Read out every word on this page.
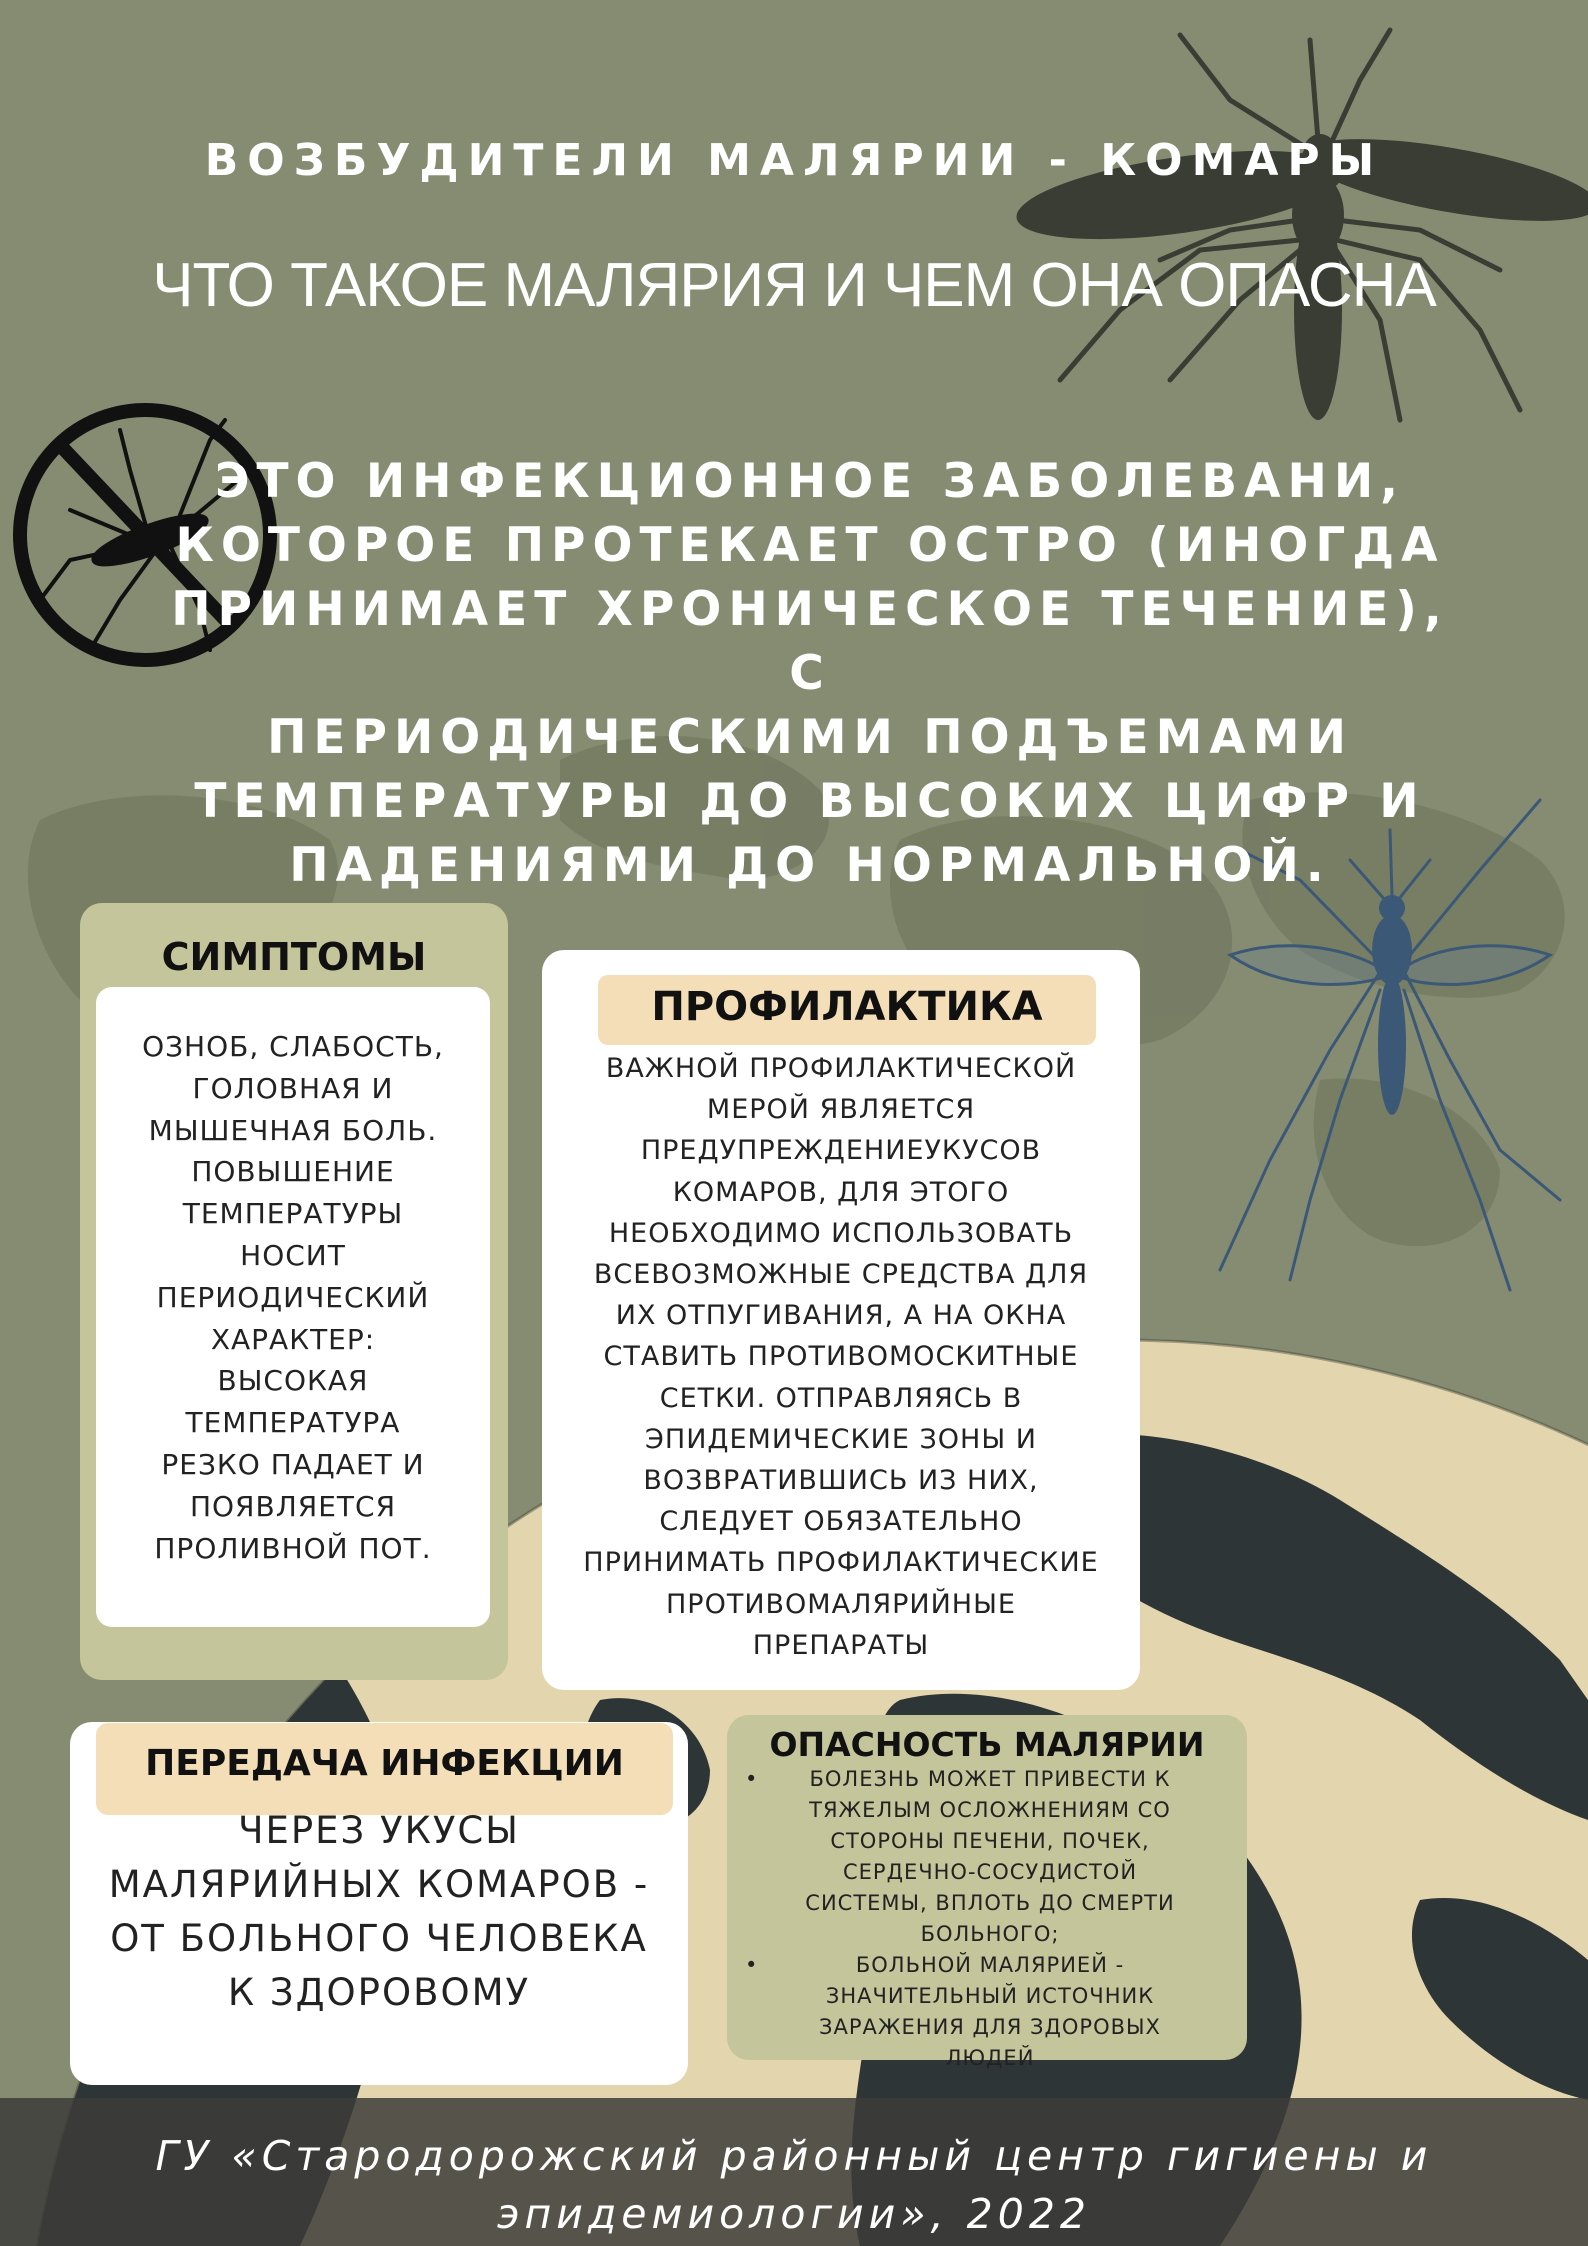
ВОЗБУДИТЕЛИ МАЛЯРИИ - КОМАРЫ
ЧТО ТАКОЕ МАЛЯРИЯ И ЧЕМ ОНА ОПАСНА
ЭТО ИНФЕКЦИОННОЕ ЗАБОЛЕВАНИ,
КОТОРОЕ ПРОТЕКАЕТ ОСТРО (ИНОГДА
ПРИНИМАЕТ ХРОНИЧЕСКОЕ ТЕЧЕНИЕ), С
ПЕРИОДИЧЕСКИМИ ПОДЪЕМАМИ
ТЕМПЕРАТУРЫ ДО ВЫСОКИХ ЦИФР И
ПАДЕНИЯМИ ДО НОРМАЛЬНОЙ.
СИМПТОМЫ
ОЗНОБ, СЛАБОСТЬ,
ГОЛОВНАЯ И
МЫШЕЧНАЯ БОЛЬ.
ПОВЫШЕНИЕ
ТЕМПЕРАТУРЫ
НОСИТ
ПЕРИОДИЧЕСКИЙ
ХАРАКТЕР:
ВЫСОКАЯ
ТЕМПЕРАТУРА
РЕЗКО ПАДАЕТ И
ПОЯВЛЯЕТСЯ
ПРОЛИВНОЙ ПОТ.
ПРОФИЛАКТИКА
ВАЖНОЙ ПРОФИЛАКТИЧЕСКОЙ
МЕРОЙ ЯВЛЯЕТСЯ
ПРЕДУПРЕЖДЕНИЕУКУСОВ
КОМАРОВ, ДЛЯ ЭТОГО
НЕОБХОДИМО ИСПОЛЬЗОВАТЬ
ВСЕВОЗМОЖНЫЕ СРЕДСТВА ДЛЯ
ИХ ОТПУГИВАНИЯ, А НА ОКНА
СТАВИТЬ ПРОТИВОМОСКИТНЫЕ
СЕТКИ. ОТПРАВЛЯЯСЬ В
ЭПИДЕМИЧЕСКИЕ ЗОНЫ И
ВОЗВРАТИВШИСЬ ИЗ НИХ,
СЛЕДУЕТ ОБЯЗАТЕЛЬНО
ПРИНИМАТЬ ПРОФИЛАКТИЧЕСКИЕ
ПРОТИВОМАЛЯРИЙНЫЕ
ПРЕПАРАТЫ
ПЕРЕДАЧА ИНФЕКЦИИ
ЧЕРЕЗ УКУСЫ
МАЛЯРИЙНЫХ КОМАРОВ -
ОТ БОЛЬНОГО ЧЕЛОВЕКА
К ЗДОРОВОМУ
ОПАСНОСТЬ МАЛЯРИИ
•	БОЛЕЗНЬ МОЖЕТ ПРИВЕСТИ К
ТЯЖЕЛЫМ ОСЛОЖНЕНИЯМ СО
СТОРОНЫ ПЕЧЕНИ, ПОЧЕК,
СЕРДЕЧНО-СОСУДИСТОЙ
СИСТЕМЫ, ВПЛОТЬ ДО СМЕРТИ
БОЛЬНОГО;
•	БОЛЬНОЙ МАЛЯРИЕЙ -
ЗНАЧИТЕЛЬНЫЙ ИСТОЧНИК
ЗАРАЖЕНИЯ ДЛЯ ЗДОРОВЫХ
ЛЮДЕЙ
ГУ «Стародорожский районный центр гигиены и
эпидемиологии», 2022
